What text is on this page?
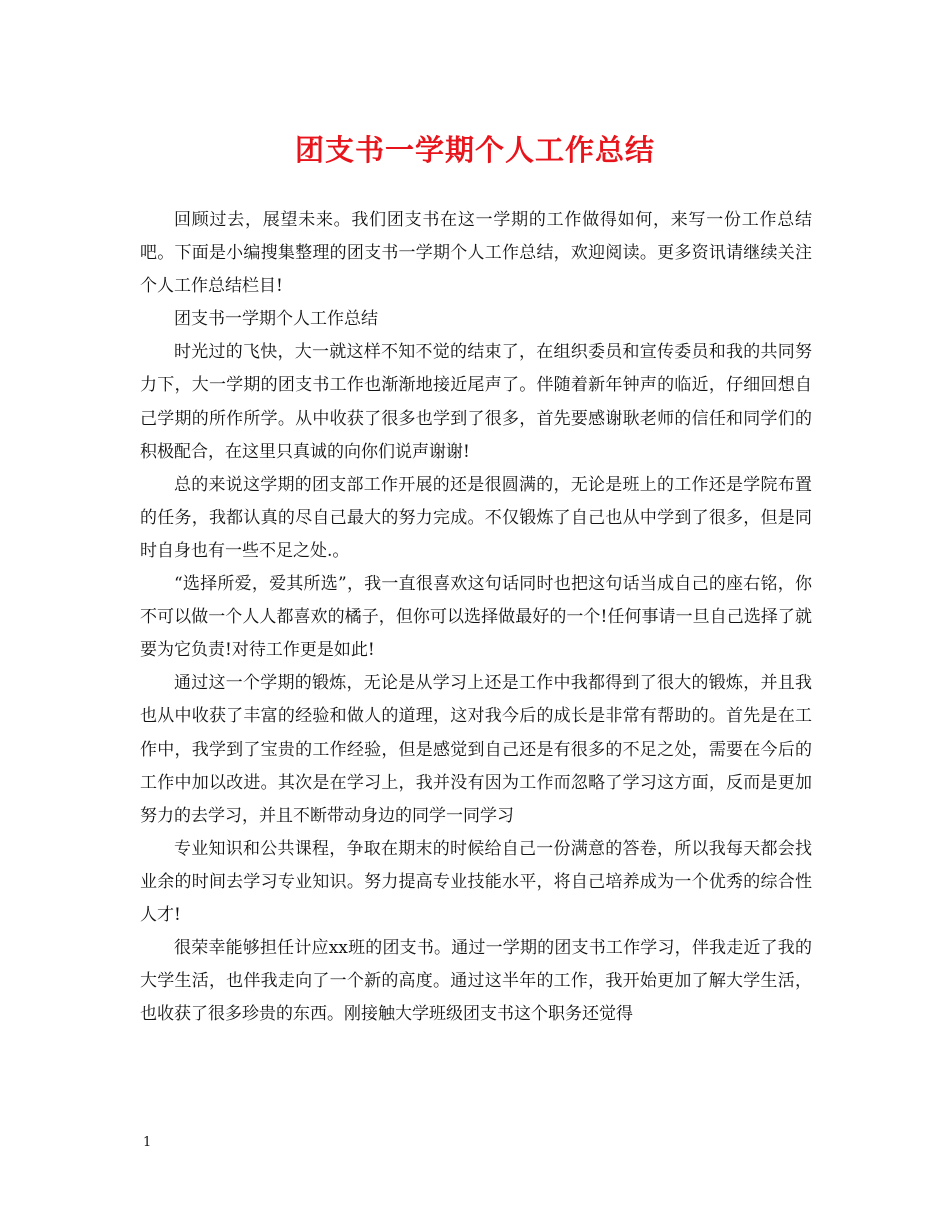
团支书一学期个人工作总结

回顾过去，展望未来。我们团支书在这一学期的工作做得如何，来写一份工作总结吧。下面是小编搜集整理的团支书一学期个人工作总结，欢迎阅读。更多资讯请继续关注个人工作总结栏目!

团支书一学期个人工作总结

时光过的飞快，大一就这样不知不觉的结束了，在组织委员和宣传委员和我的共同努力下，大一学期的团支书工作也渐渐地接近尾声了。伴随着新年钟声的临近，仔细回想自己学期的所作所学。从中收获了很多也学到了很多，首先要感谢耿老师的信任和同学们的积极配合，在这里只真诚的向你们说声谢谢!

总的来说这学期的团支部工作开展的还是很圆满的，无论是班上的工作还是学院布置的任务，我都认真的尽自己最大的努力完成。不仅锻炼了自己也从中学到了很多，但是同时自身也有一些不足之处.。

“选择所爱，爱其所选”，我一直很喜欢这句话同时也把这句话当成自己的座右铭，你不可以做一个人人都喜欢的橘子，但你可以选择做最好的一个!任何事请一旦自己选择了就要为它负责!对待工作更是如此!

通过这一个学期的锻炼，无论是从学习上还是工作中我都得到了很大的锻炼，并且我也从中收获了丰富的经验和做人的道理，这对我今后的成长是非常有帮助的。首先是在工作中，我学到了宝贵的工作经验，但是感觉到自己还是有很多的不足之处，需要在今后的工作中加以改进。其次是在学习上，我并没有因为工作而忽略了学习这方面，反而是更加努力的去学习，并且不断带动身边的同学一同学习

专业知识和公共课程，争取在期末的时候给自己一份满意的答卷，所以我每天都会找业余的时间去学习专业知识。努力提高专业技能水平，将自己培养成为一个优秀的综合性人才!

很荣幸能够担任计应xx班的团支书。通过一学期的团支书工作学习，伴我走近了我的大学生活，也伴我走向了一个新的高度。通过这半年的工作，我开始更加了解大学生活，也收获了很多珍贵的东西。刚接触大学班级团支书这个职务还觉得

1
